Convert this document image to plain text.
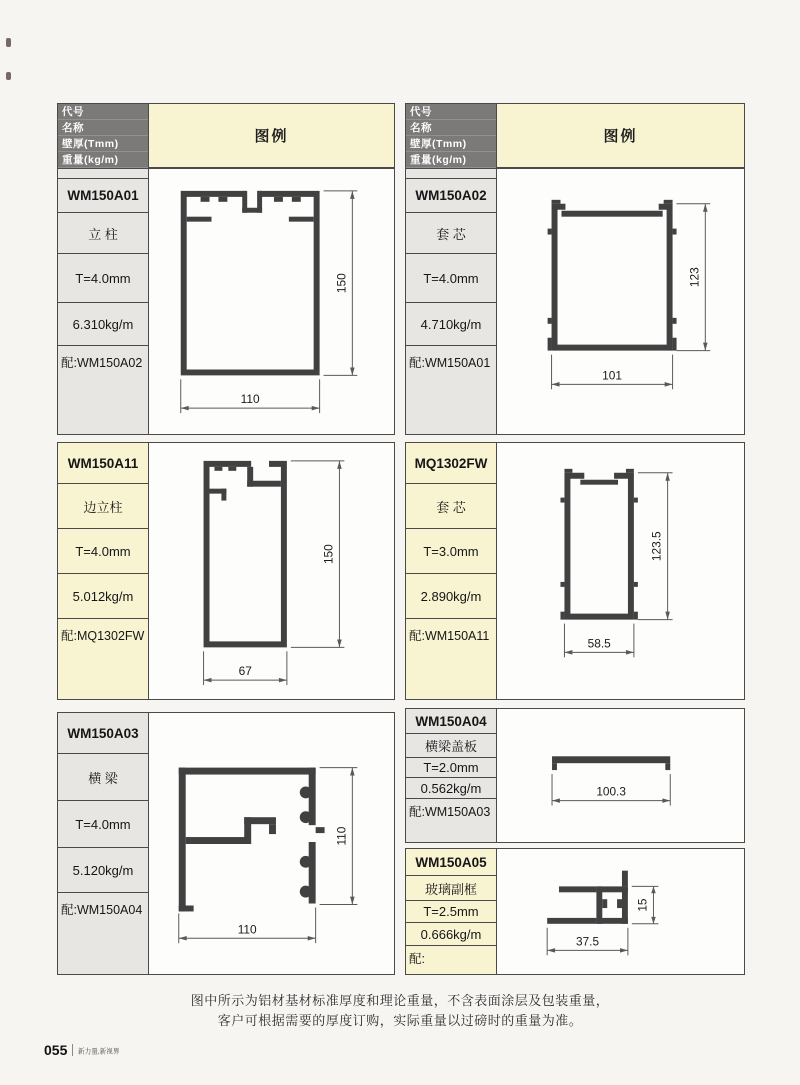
代号
名称
壁厚(Tmm)
重量(kg/m)
图例
WM150A01
立 柱
T=4.0mm
6.310kg/m
配:WM150A02
110
150
WM150A11
边立柱
T=4.0mm
5.012kg/m
配:MQ1302FW
67
150
WM150A03
横 梁
T=4.0mm
5.120kg/m
配:WM150A04
110
110
代号
名称
壁厚(Tmm)
重量(kg/m)
图例
WM150A02
套 芯
T=4.0mm
4.710kg/m
配:WM150A01
101
123
MQ1302FW
套 芯
T=3.0mm
2.890kg/m
配:WM150A11
58.5
123.5
WM150A04
横梁盖板
T=2.0mm
0.562kg/m
配:WM150A03
100.3
WM150A05
玻璃副框
T=2.5mm
0.666kg/m
配:
37.5
15
图中所示为铝材基材标准厚度和理论重量，不含表面涂层及包装重量，
客户可根据需要的厚度订购，实际重量以过磅时的重量为准。
055 新力量,新视界
